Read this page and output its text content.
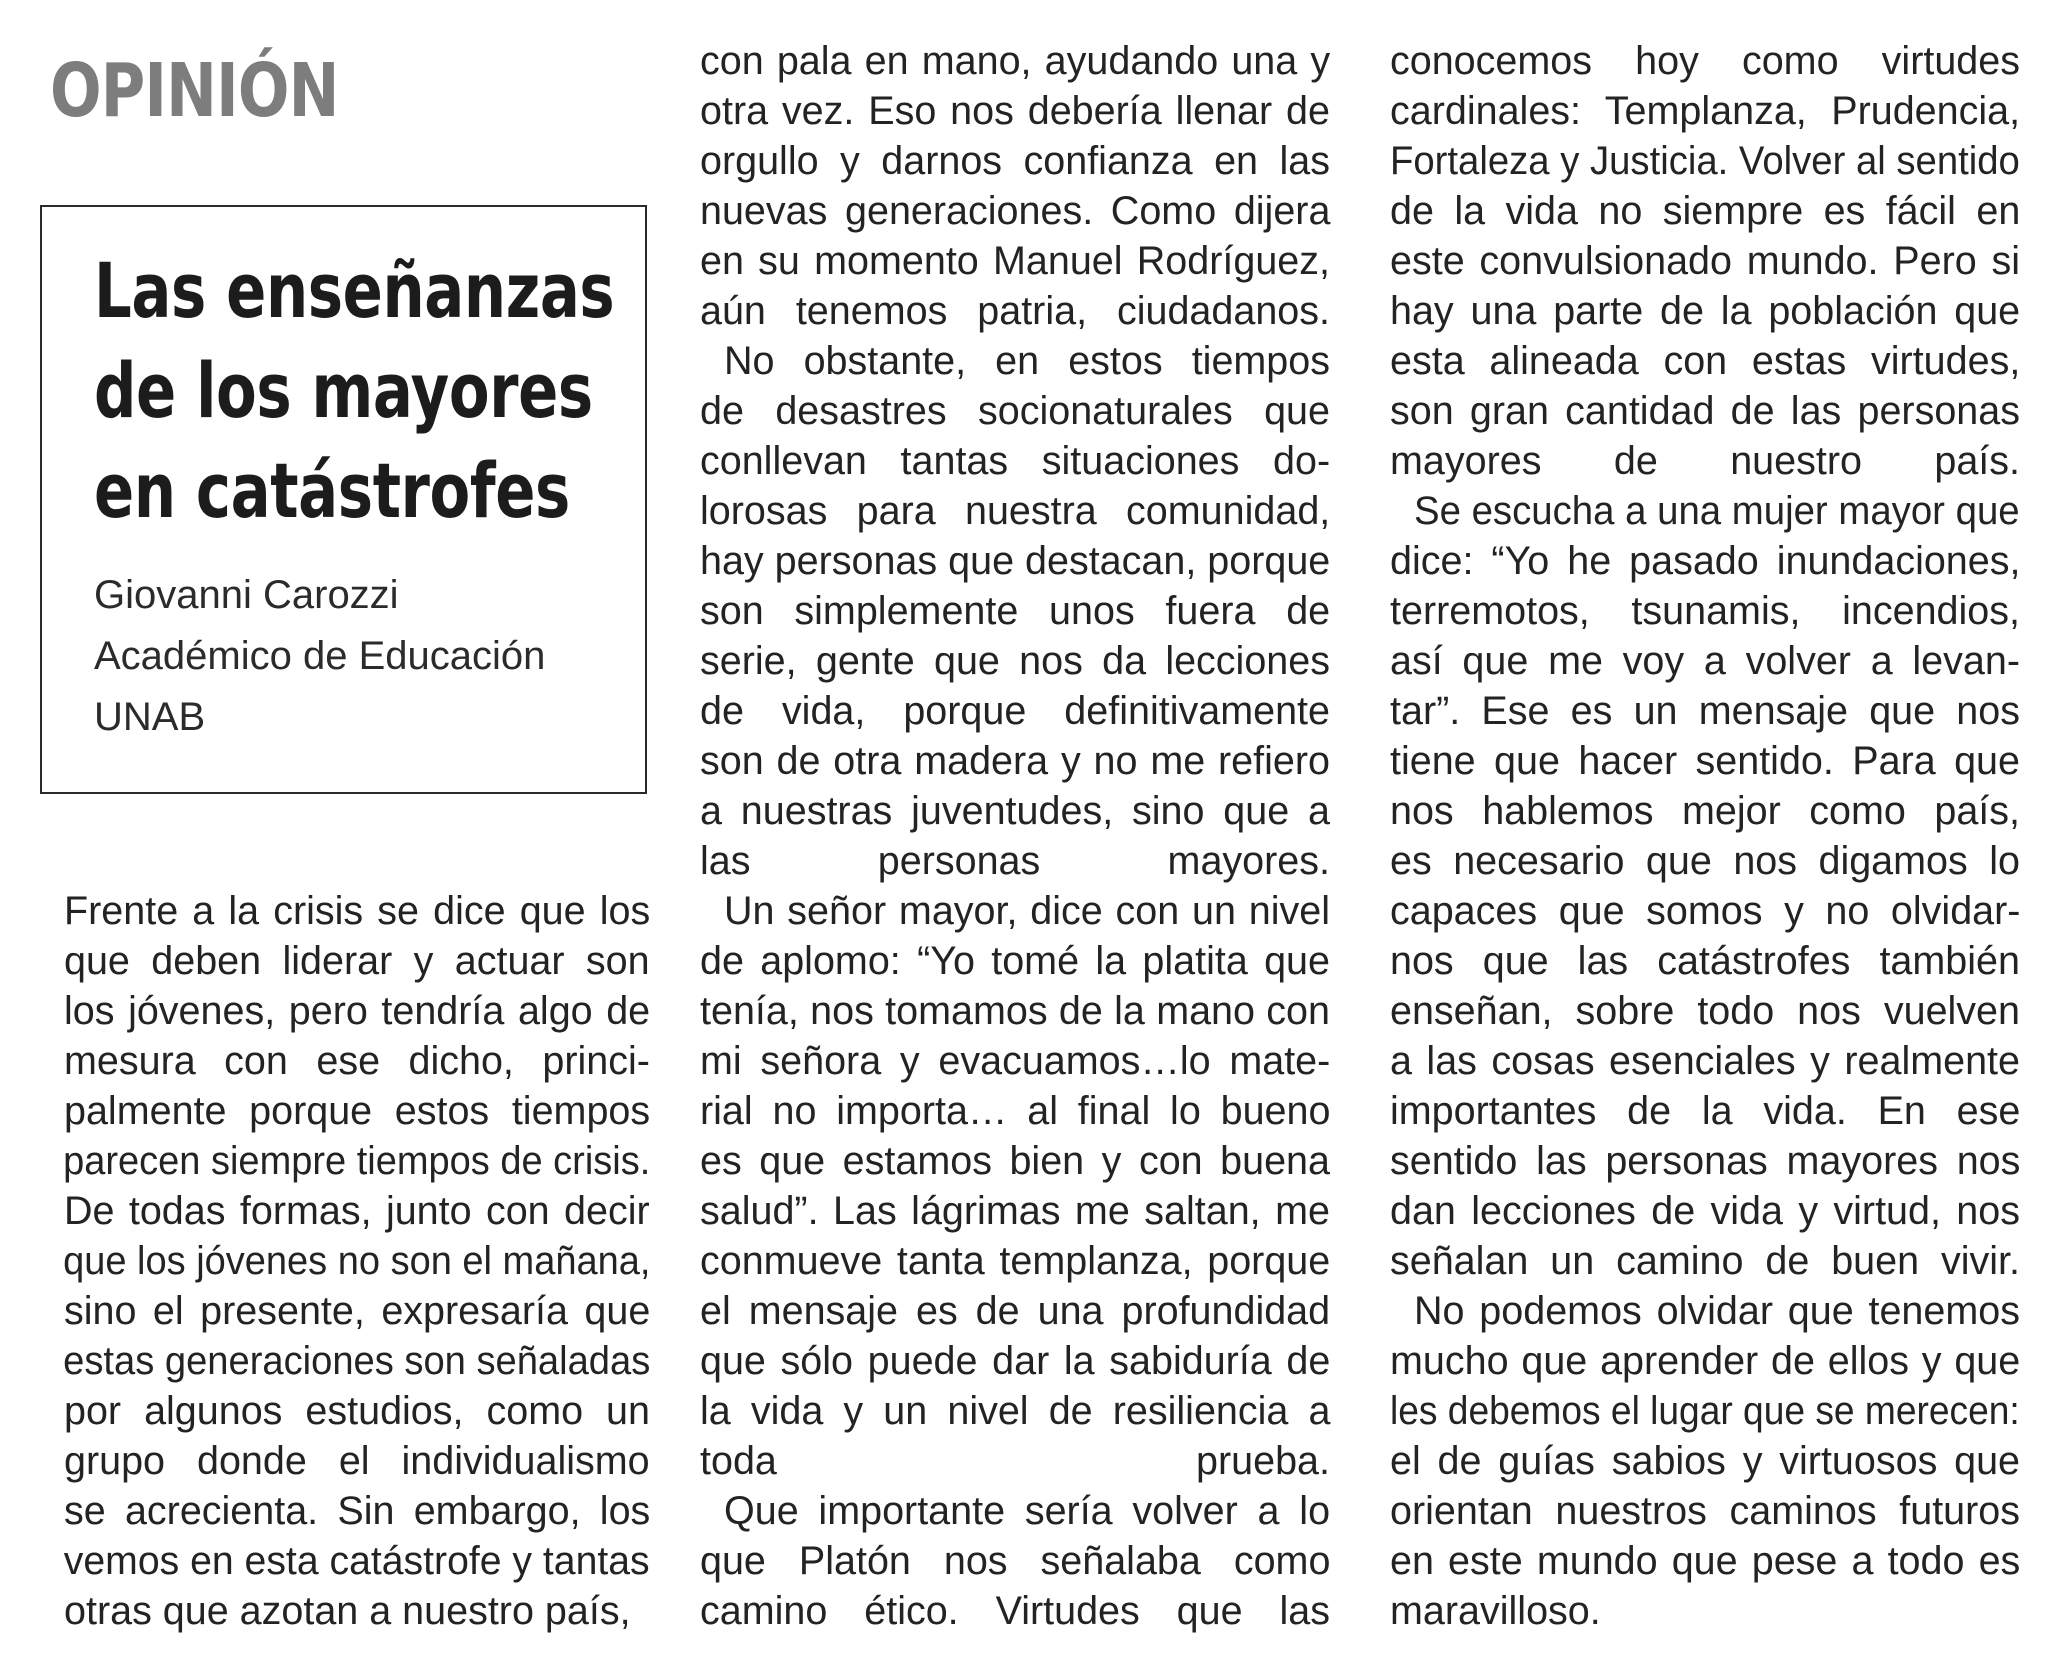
OPINIÓN
Las enseñanzas
de los mayores
en catástrofes
Giovanni Carozzi
Académico de Educación
UNAB

Frente a la crisis se dice que los
que deben liderar y actuar son
los jóvenes, pero tendría algo de
mesura con ese dicho, princi-
palmente porque estos tiempos
parecen siempre tiempos de crisis.
De todas formas, junto con decir
que los jóvenes no son el mañana,
sino el presente, expresaría que
estas generaciones son señaladas
por algunos estudios, como un
grupo donde el individualismo
se acrecienta. Sin embargo, los
vemos en esta catástrofe y tantas
otras que azotan a nuestro país,

con pala en mano, ayudando una y
otra vez. Eso nos debería llenar de
orgullo y darnos confianza en las
nuevas generaciones. Como dijera
en su momento Manuel Rodríguez,
aún tenemos patria, ciudadanos.

No obstante, en estos tiempos
de desastres socionaturales que
conllevan tantas situaciones do-
lorosas para nuestra comunidad,
hay personas que destacan, porque
son simplemente unos fuera de
serie, gente que nos da lecciones
de vida, porque definitivamente
son de otra madera y no me refiero
a nuestras juventudes, sino que a
las personas mayores.

Un señor mayor, dice con un nivel
de aplomo: “Yo tomé la platita que
tenía, nos tomamos de la mano con
mi señora y evacuamos…lo mate-
rial no importa… al final lo bueno
es que estamos bien y con buena
salud”. Las lágrimas me saltan, me
conmueve tanta templanza, porque
el mensaje es de una profundidad
que sólo puede dar la sabiduría de
la vida y un nivel de resiliencia a
toda prueba.

Que importante sería volver a lo
que Platón nos señalaba como
camino ético. Virtudes que las

conocemos hoy como virtudes
cardinales: Templanza, Prudencia,
Fortaleza y Justicia. Volver al sentido
de la vida no siempre es fácil en
este convulsionado mundo. Pero si
hay una parte de la población que
esta alineada con estas virtudes,
son gran cantidad de las personas
mayores de nuestro país.

Se escucha a una mujer mayor que
dice: “Yo he pasado inundaciones,
terremotos, tsunamis, incendios,
así que me voy a volver a levan-
tar”. Ese es un mensaje que nos
tiene que hacer sentido. Para que
nos hablemos mejor como país,
es necesario que nos digamos lo
capaces que somos y no olvidar-
nos que las catástrofes también
enseñan, sobre todo nos vuelven
a las cosas esenciales y realmente
importantes de la vida. En ese
sentido las personas mayores nos
dan lecciones de vida y virtud, nos
señalan un camino de buen vivir.

No podemos olvidar que tenemos
mucho que aprender de ellos y que
les debemos el lugar que se merecen:
el de guías sabios y virtuosos que
orientan nuestros caminos futuros
en este mundo que pese a todo es
maravilloso.
